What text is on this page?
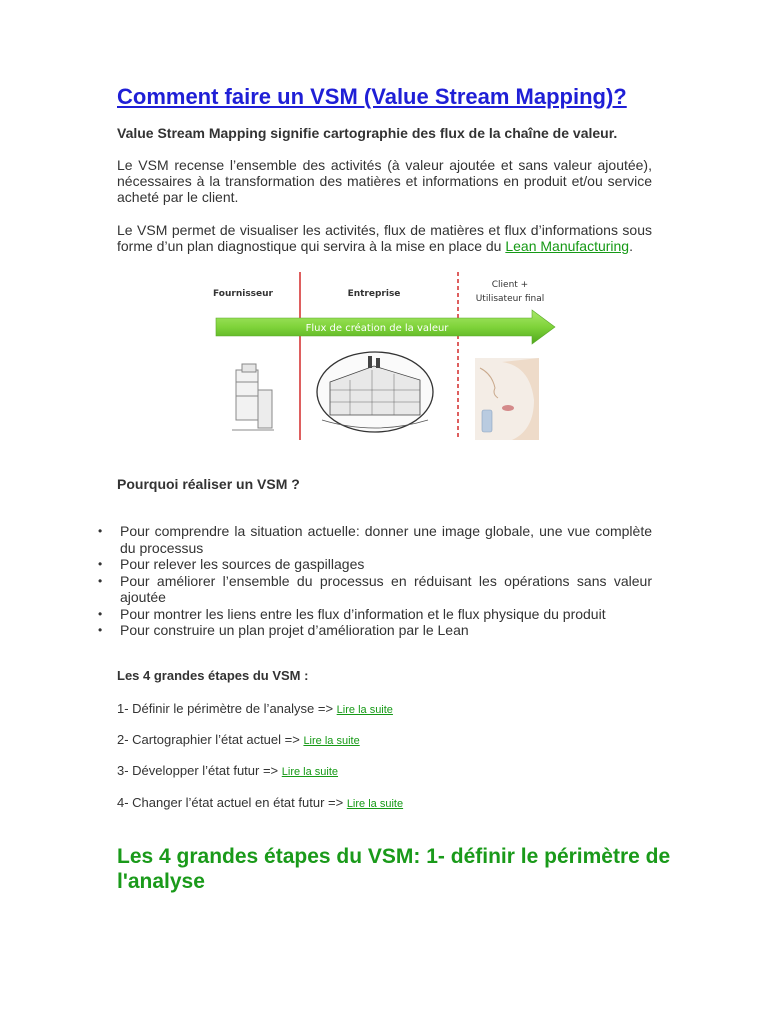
Comment faire un VSM (Value Stream Mapping)?

Value Stream Mapping signifie cartographie des flux de la chaîne de valeur.

Le VSM recense l’ensemble des activités (à valeur ajoutée et sans valeur ajoutée), nécessaires à la transformation des matières et informations en produit et/ou service acheté par le client.

Le VSM permet de visualiser les activités, flux de matières et flux d’informations sous forme d’un plan diagnostique qui servira à la mise en place du Lean Manufacturing.

Fournisseur	Entreprise
Client +
Utilisateur final
Flux de création de la valeur

Pourquoi réaliser un VSM ?

• Pour comprendre la situation actuelle: donner une image globale, une vue complète du processus
• Pour relever les sources de gaspillages
• Pour améliorer l’ensemble du processus en réduisant les opérations sans valeur ajoutée
• Pour montrer les liens entre les flux d’information et le flux physique du produit
• Pour construire un plan projet d’amélioration par le Lean

Les 4 grandes étapes du VSM :

1- Définir le périmètre de l’analyse => Lire la suite
2- Cartographier l’état actuel => Lire la suite
3- Développer l’état futur => Lire la suite
4- Changer l’état actuel en état futur => Lire la suite
Les 4 grandes étapes du VSM: 1- définir le périmètre de l'analyse
